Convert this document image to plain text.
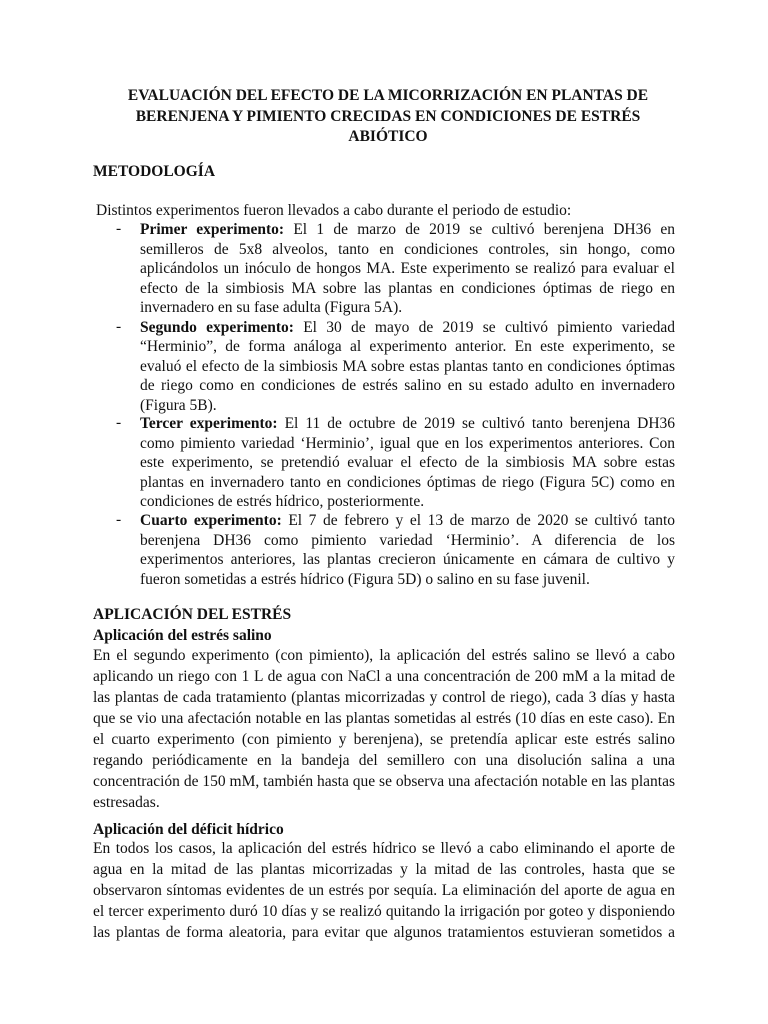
EVALUACIÓN DEL EFECTO DE LA MICORRIZACIÓN EN PLANTAS DE
BERENJENA Y PIMIENTO CRECIDAS EN CONDICIONES DE ESTRÉS
ABIÓTICO
METODOLOGÍA
Distintos experimentos fueron llevados a cabo durante el periodo de estudio:
- Primer experimento: El 1 de marzo de 2019 se cultivó berenjena DH36 en
semilleros de 5x8 alveolos, tanto en condiciones controles, sin hongo, como
aplicándolos un inóculo de hongos MA. Este experimento se realizó para evaluar el
efecto de la simbiosis MA sobre las plantas en condiciones óptimas de riego en
invernadero en su fase adulta (Figura 5A).
- Segundo experimento: El 30 de mayo de 2019 se cultivó pimiento variedad
“Herminio”, de forma análoga al experimento anterior. En este experimento, se
evaluó el efecto de la simbiosis MA sobre estas plantas tanto en condiciones óptimas
de riego como en condiciones de estrés salino en su estado adulto en invernadero
(Figura 5B).
- Tercer experimento: El 11 de octubre de 2019 se cultivó tanto berenjena DH36
como pimiento variedad ‘Herminio’, igual que en los experimentos anteriores. Con
este experimento, se pretendió evaluar el efecto de la simbiosis MA sobre estas
plantas en invernadero tanto en condiciones óptimas de riego (Figura 5C) como en
condiciones de estrés hídrico, posteriormente.
- Cuarto experimento: El 7 de febrero y el 13 de marzo de 2020 se cultivó tanto
berenjena DH36 como pimiento variedad ‘Herminio’. A diferencia de los
experimentos anteriores, las plantas crecieron únicamente en cámara de cultivo y
fueron sometidas a estrés hídrico (Figura 5D) o salino en su fase juvenil.
APLICACIÓN DEL ESTRÉS
Aplicación del estrés salino
En el segundo experimento (con pimiento), la aplicación del estrés salino se llevó a cabo
aplicando un riego con 1 L de agua con NaCl a una concentración de 200 mM a la mitad de
las plantas de cada tratamiento (plantas micorrizadas y control de riego), cada 3 días y hasta
que se vio una afectación notable en las plantas sometidas al estrés (10 días en este caso). En
el cuarto experimento (con pimiento y berenjena), se pretendía aplicar este estrés salino
regando periódicamente en la bandeja del semillero con una disolución salina a una
concentración de 150 mM, también hasta que se observa una afectación notable en las plantas
estresadas.
Aplicación del déficit hídrico
En todos los casos, la aplicación del estrés hídrico se llevó a cabo eliminando el aporte de
agua en la mitad de las plantas micorrizadas y la mitad de las controles, hasta que se
observaron síntomas evidentes de un estrés por sequía. La eliminación del aporte de agua en
el tercer experimento duró 10 días y se realizó quitando la irrigación por goteo y disponiendo
las plantas de forma aleatoria, para evitar que algunos tratamientos estuvieran sometidos a
